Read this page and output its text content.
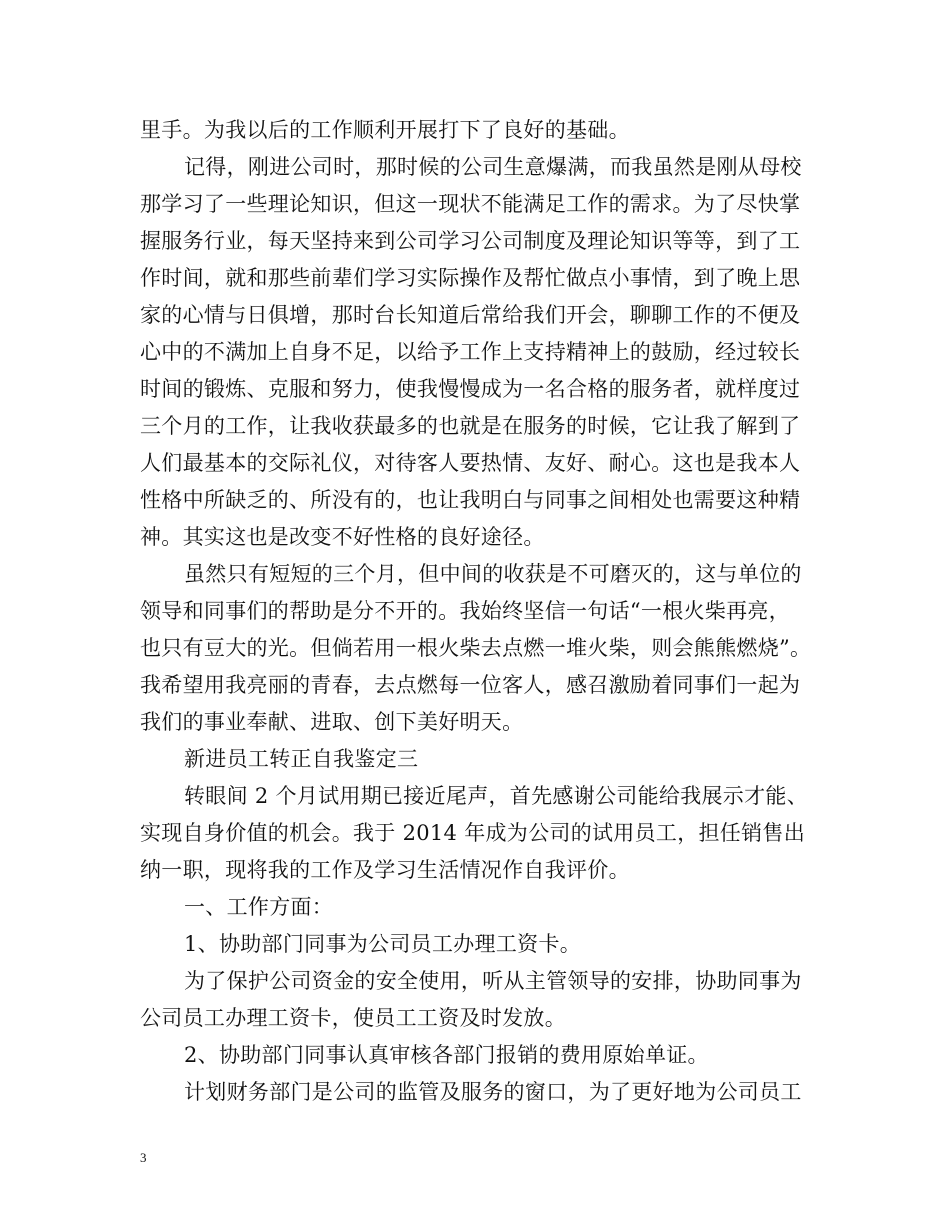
里手。为我以后的工作顺利开展打下了良好的基础。
记得，刚进公司时，那时候的公司生意爆满，而我虽然是刚从母校
那学习了一些理论知识，但这一现状不能满足工作的需求。为了尽快掌
握服务行业，每天坚持来到公司学习公司制度及理论知识等等，到了工
作时间，就和那些前辈们学习实际操作及帮忙做点小事情，到了晚上思
家的心情与日俱增，那时台长知道后常给我们开会，聊聊工作的不便及
心中的不满加上自身不足，以给予工作上支持精神上的鼓励，经过较长
时间的锻炼、克服和努力，使我慢慢成为一名合格的服务者，就样度过
三个月的工作，让我收获最多的也就是在服务的时候，它让我了解到了
人们最基本的交际礼仪，对待客人要热情、友好、耐心。这也是我本人
性格中所缺乏的、所没有的，也让我明白与同事之间相处也需要这种精
神。其实这也是改变不好性格的良好途径。
虽然只有短短的三个月，但中间的收获是不可磨灭的，这与单位的
领导和同事们的帮助是分不开的。我始终坚信一句话“一根火柴再亮，
也只有豆大的光。但倘若用一根火柴去点燃一堆火柴，则会熊熊燃烧”。
我希望用我亮丽的青春，去点燃每一位客人，感召激励着同事们一起为
我们的事业奉献、进取、创下美好明天。
新进员工转正自我鉴定三
转眼间 2 个月试用期已接近尾声，首先感谢公司能给我展示才能、
实现自身价值的机会。我于 2014 年成为公司的试用员工，担任销售出
纳一职，现将我的工作及学习生活情况作自我评价。
一、工作方面：
1、协助部门同事为公司员工办理工资卡。
为了保护公司资金的安全使用，听从主管领导的安排，协助同事为
公司员工办理工资卡，使员工工资及时发放。
2、协助部门同事认真审核各部门报销的费用原始单证。
计划财务部门是公司的监管及服务的窗口，为了更好地为公司员工
3
